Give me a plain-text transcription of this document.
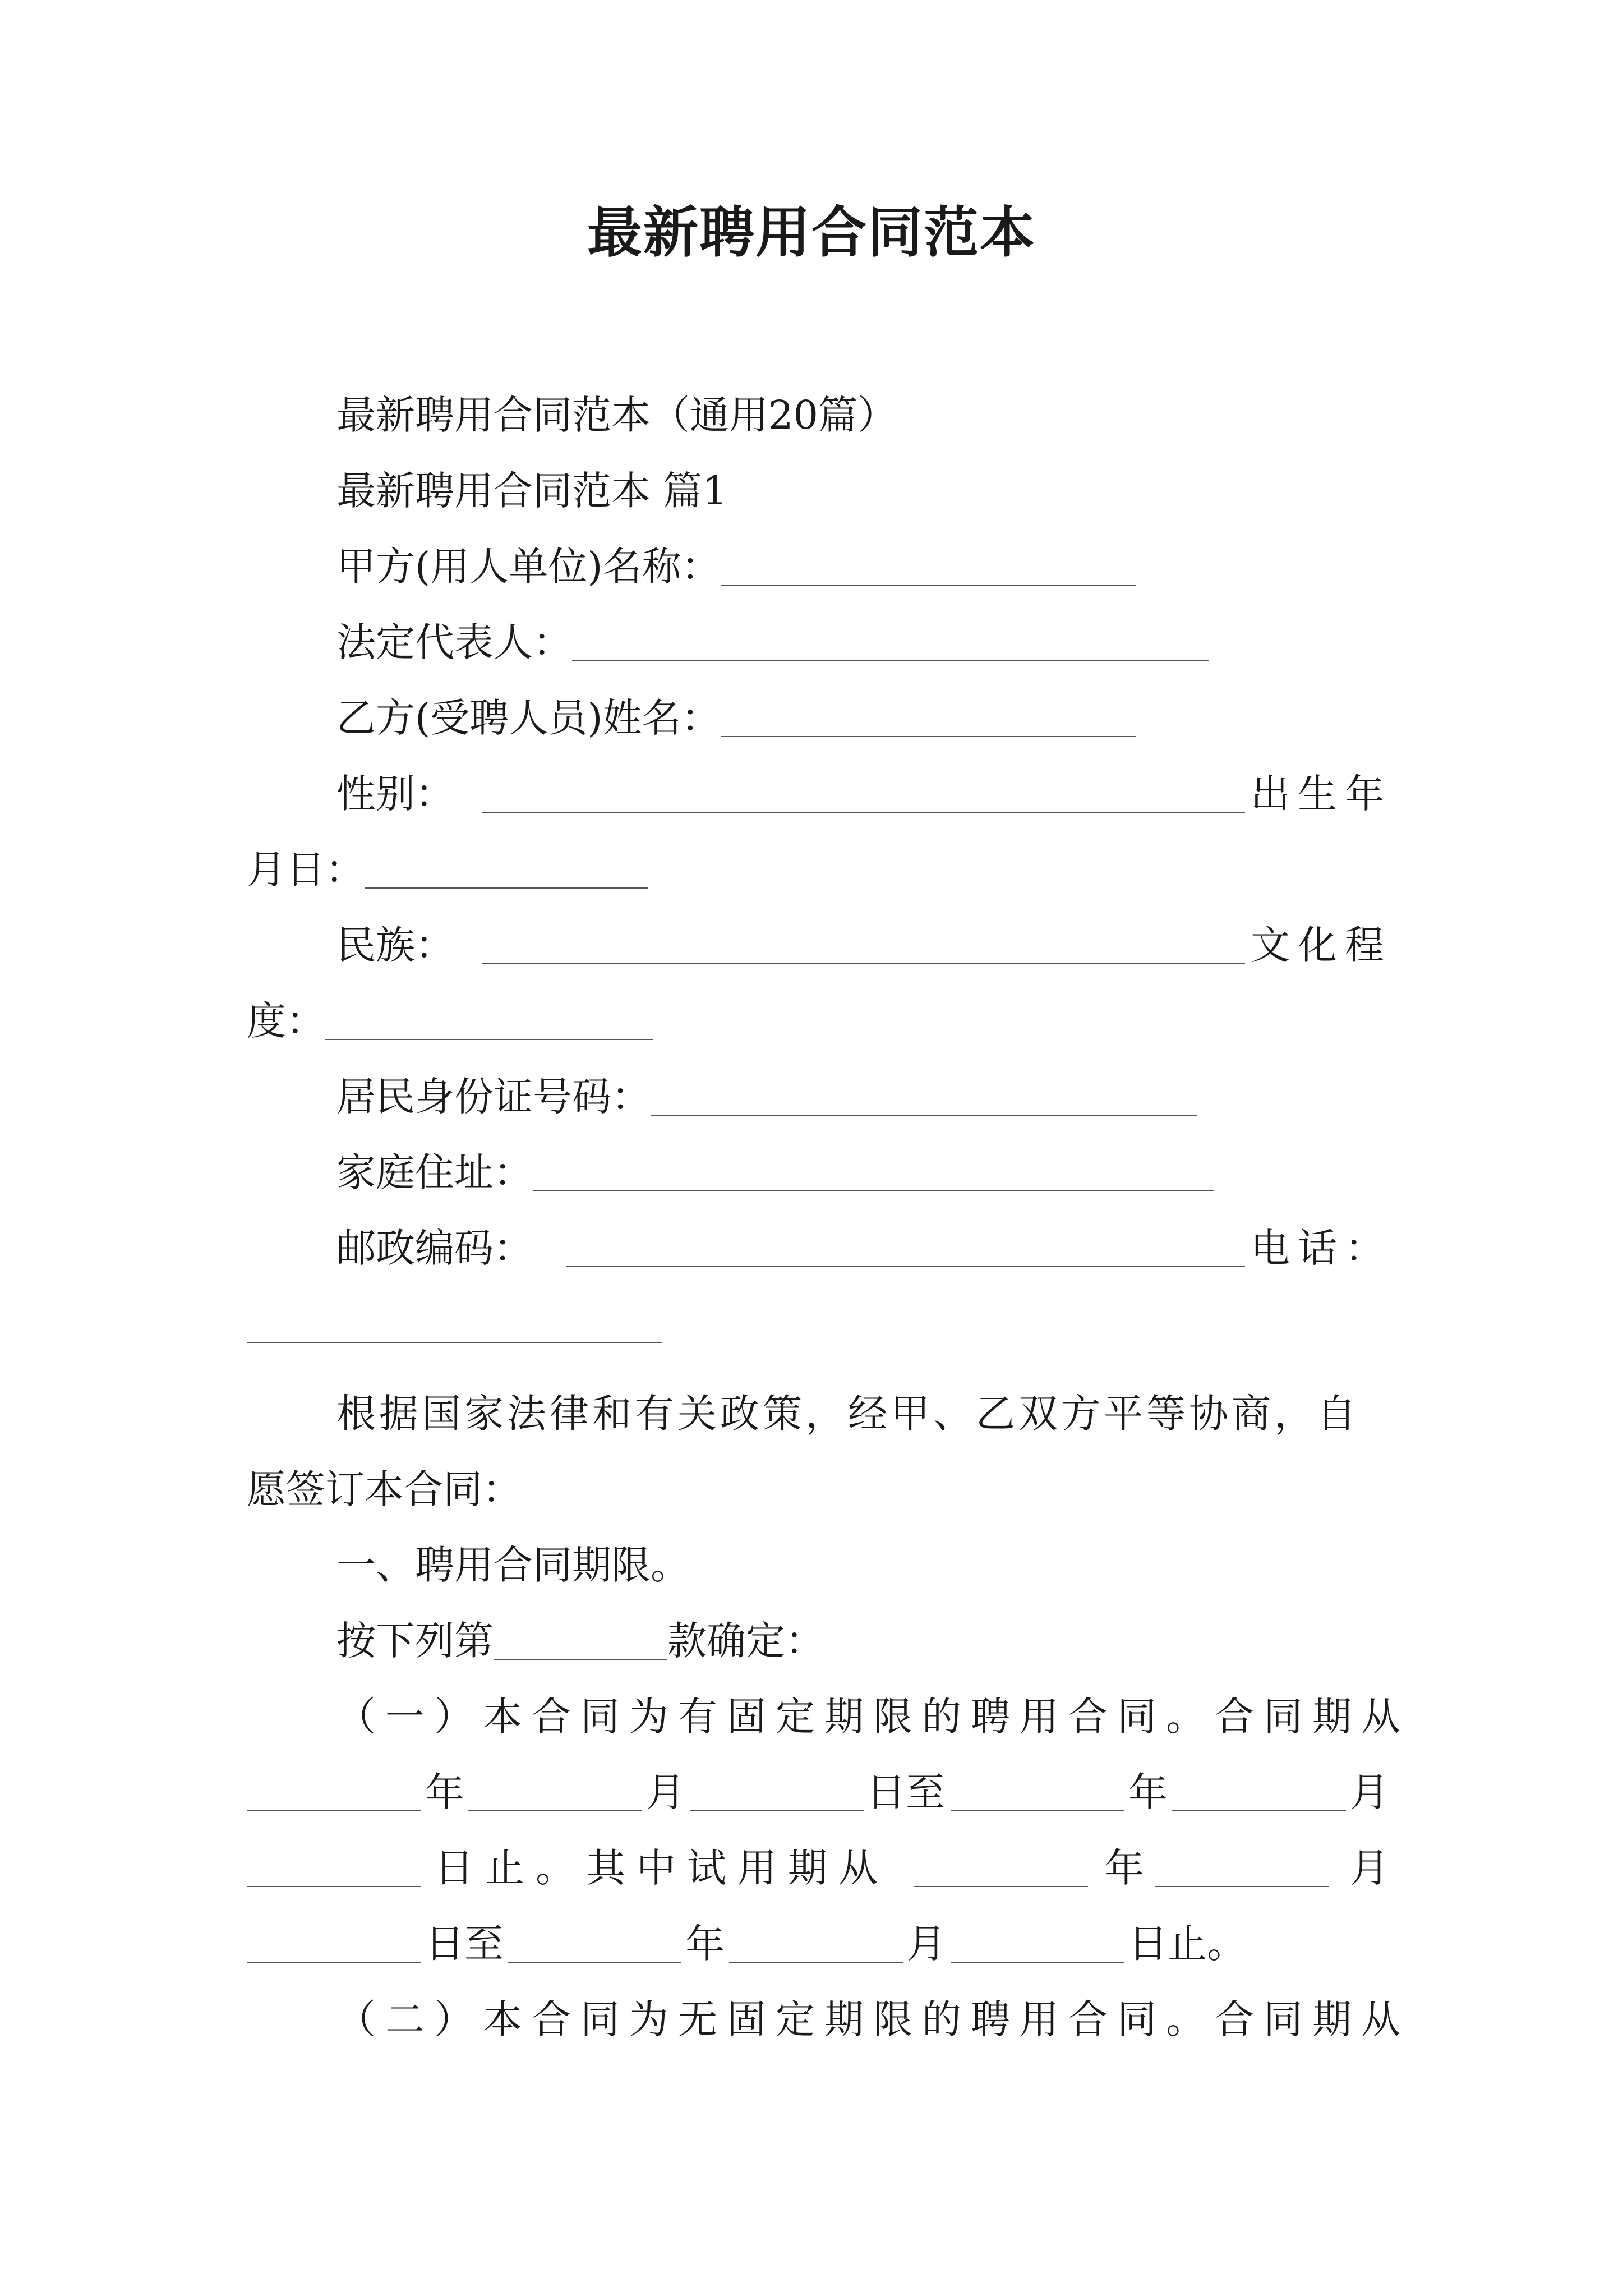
最新聘用合同范本
最新聘用合同范本（通用20篇）
最新聘用合同范本 篇1
甲方(用人单位)名称：
法定代表人：
乙方(受聘人员)姓名：
性别：	出生年
月日：
民族：	文化程
度：
居民身份证号码：
家庭住址：
邮政编码：	电话：
根据国家法律和有关政策，经甲、乙双方平等协商，自
愿签订本合同：
一、聘用合同期限。
按下列第	款确定：
（一）本合同为有固定期限的聘用合同。合同期从
年	月	日至	年	月
日止。其中试用期从	年	月
日至	年	月	日止。
（二）本合同为无固定期限的聘用合同。合同期从
